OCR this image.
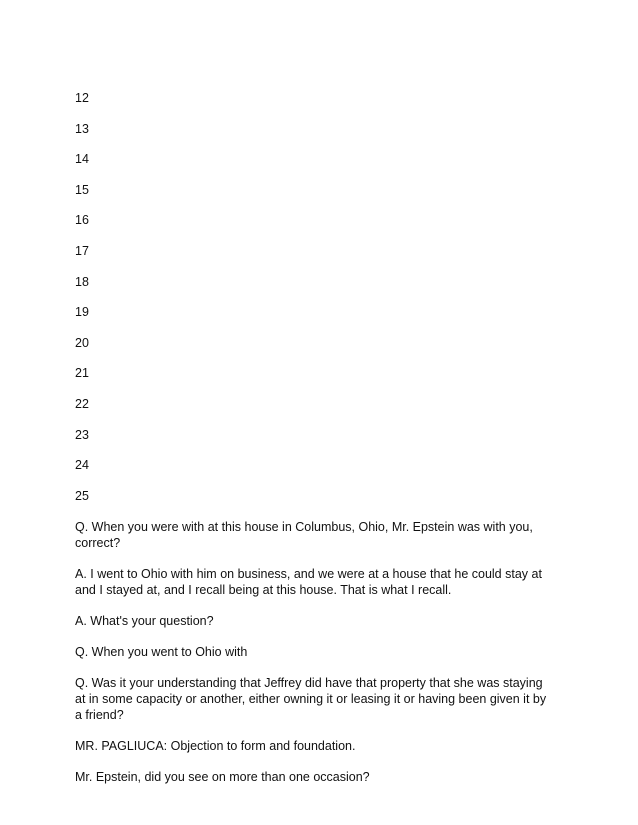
12
13
14
15
16
17
18
19
20
21
22
23
24
25

Q. When you were with at this house in Columbus, Ohio, Mr. Epstein was with you, correct?

A. I went to Ohio with him on business, and we were at a house that he could stay at and I stayed at, and I recall being at this house. That is what I recall.

A. What's your question?

Q. When you went to Ohio with

Q. Was it your understanding that Jeffrey did have that property that she was staying at in some capacity or another, either owning it or leasing it or having been given it by a friend?

MR. PAGLIUCA: Objection to form and foundation.

Mr. Epstein, did you see on more than one occasion?
